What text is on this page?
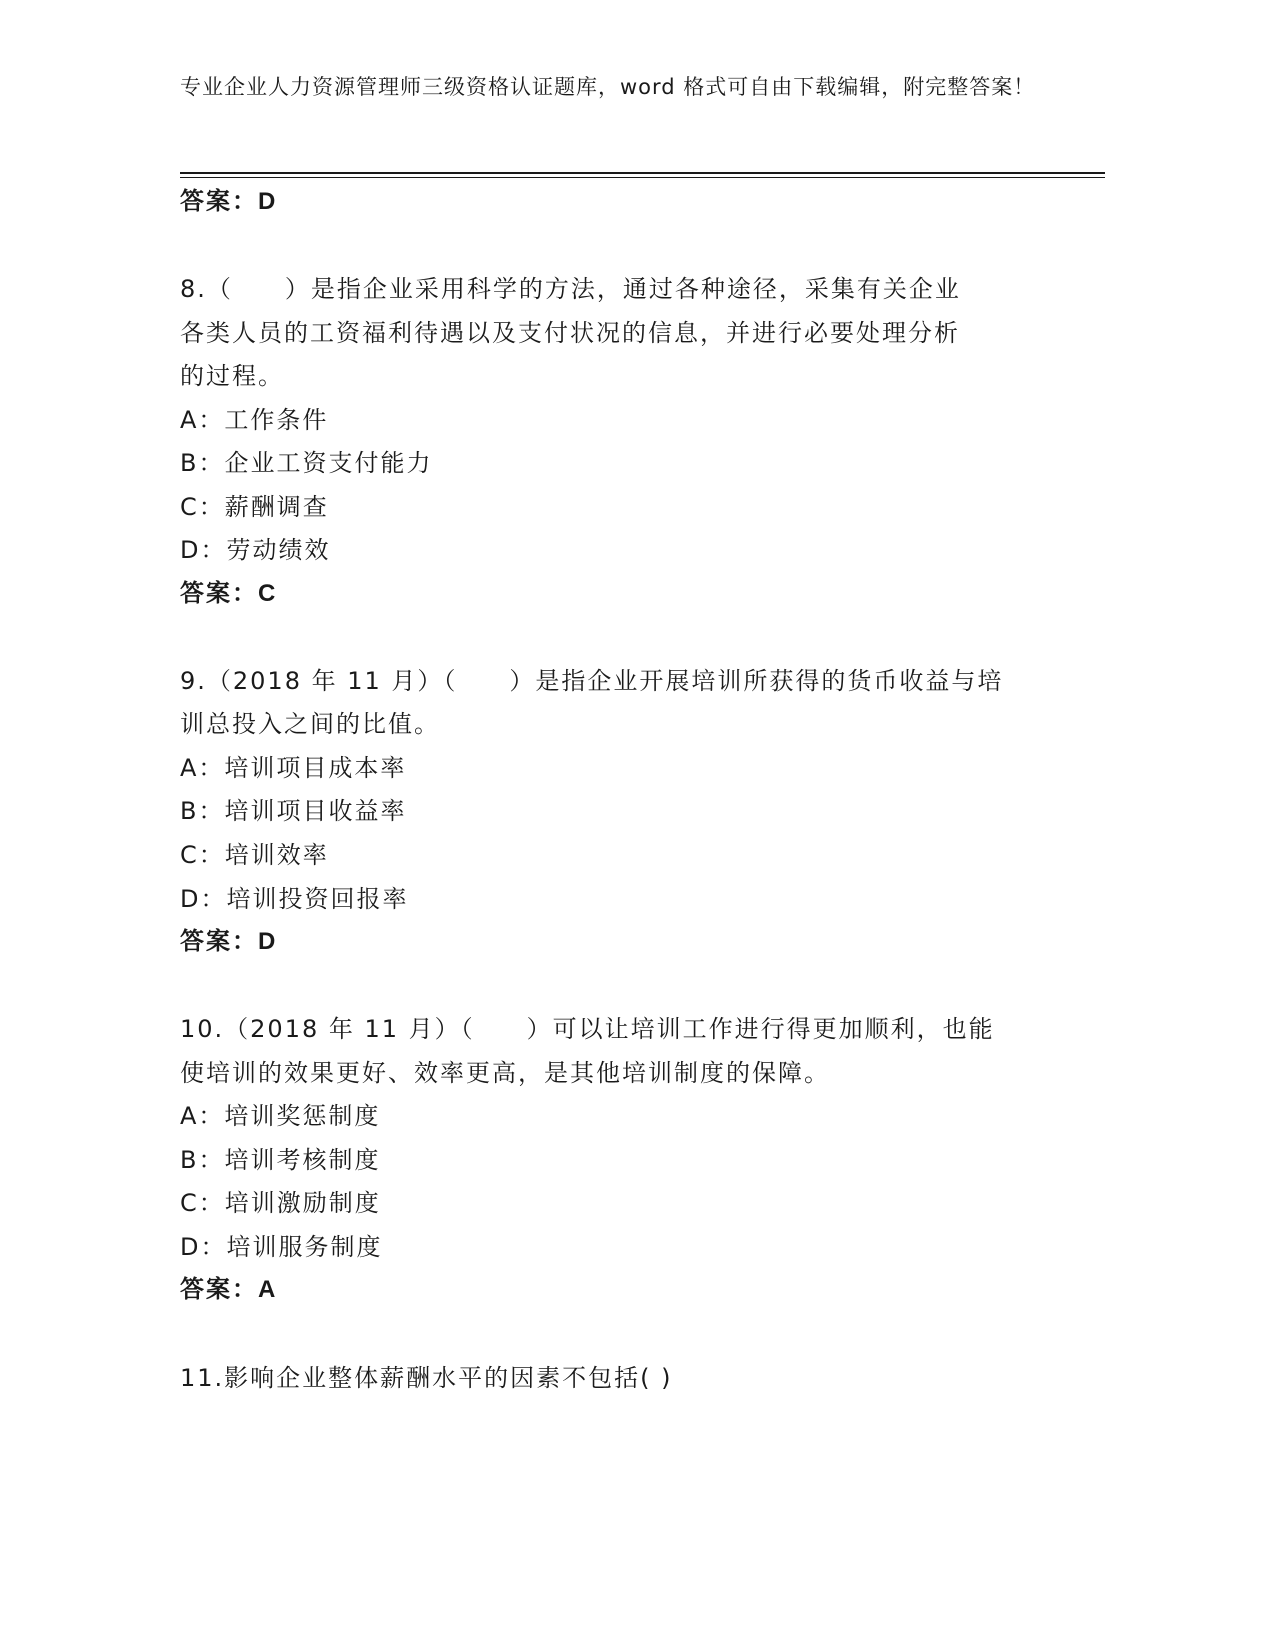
专业企业人力资源管理师三级资格认证题库，word 格式可自由下载编辑，附完整答案！
答案：D
8.（　　）是指企业采用科学的方法，通过各种途径，采集有关企业
各类人员的工资福利待遇以及支付状况的信息，并进行必要处理分析
的过程。
A：工作条件
B：企业工资支付能力
C：薪酬调查
D：劳动绩效
答案：C
9.（2018 年 11 月）（　　）是指企业开展培训所获得的货币收益与培
训总投入之间的比值。
A：培训项目成本率
B：培训项目收益率
C：培训效率
D：培训投资回报率
答案：D
10.（2018 年 11 月）（　　）可以让培训工作进行得更加顺利，也能
使培训的效果更好、效率更高，是其他培训制度的保障。
A：培训奖惩制度
B：培训考核制度
C：培训激励制度
D：培训服务制度
答案：A
11.影响企业整体薪酬水平的因素不包括( )
